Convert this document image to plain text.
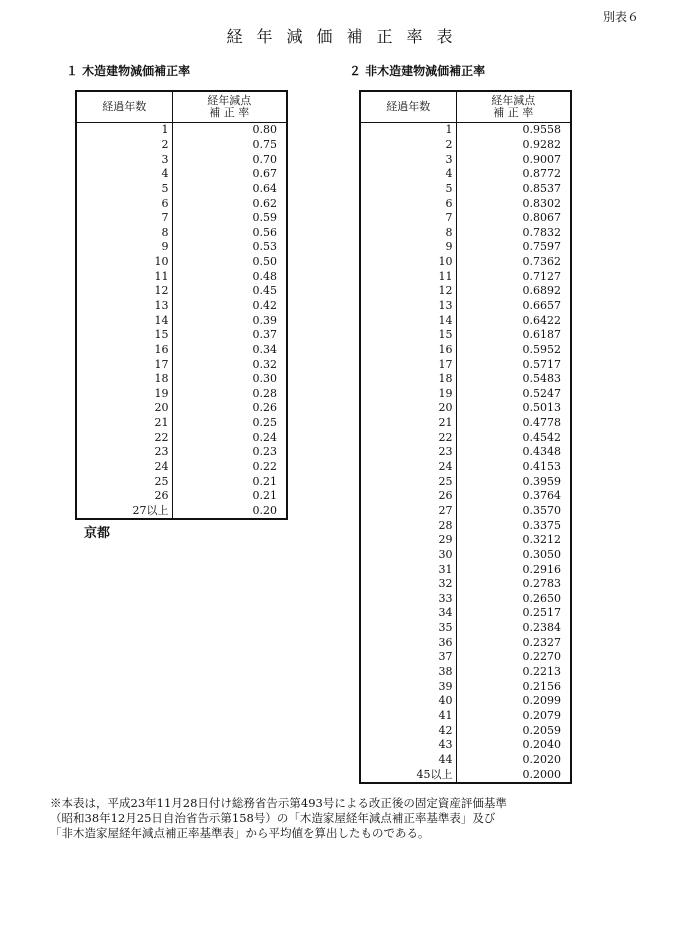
別表６
経年減価補正率表
１ 木造建物減価補正率	２ 非木造建物減価補正率
経過年数	経年減点
補 正 率
1	0.80
2	0.75
3	0.70
4	0.67
5	0.64
6	0.62
7	0.59
8	0.56
9	0.53
10	0.50
11	0.48
12	0.45
13	0.42
14	0.39
15	0.37
16	0.34
17	0.32
18	0.30
19	0.28
20	0.26
21	0.25
22	0.24
23	0.23
24	0.22
25	0.21
26	0.21
27以上	0.20
経過年数	経年減点
補 正 率
1	0.9558
2	0.9282
3	0.9007
4	0.8772
5	0.8537
6	0.8302
7	0.8067
8	0.7832
9	0.7597
10	0.7362
11	0.7127
12	0.6892
13	0.6657
14	0.6422
15	0.6187
16	0.5952
17	0.5717
18	0.5483
19	0.5247
20	0.5013
21	0.4778
22	0.4542
23	0.4348
24	0.4153
25	0.3959
26	0.3764
27	0.3570
28	0.3375
29	0.3212
30	0.3050
31	0.2916
32	0.2783
33	0.2650
34	0.2517
35	0.2384
36	0.2327
37	0.2270
38	0.2213
39	0.2156
40	0.2099
41	0.2079
42	0.2059
43	0.2040
44	0.2020
45以上	0.2000
京都
※本表は，平成23年11月28日付け総務省告示第493号による改正後の固定資産評価基準
（昭和38年12月25日自治省告示第158号）の「木造家屋経年減点補正率基準表」及び
「非木造家屋経年減点補正率基準表」から平均値を算出したものである。
